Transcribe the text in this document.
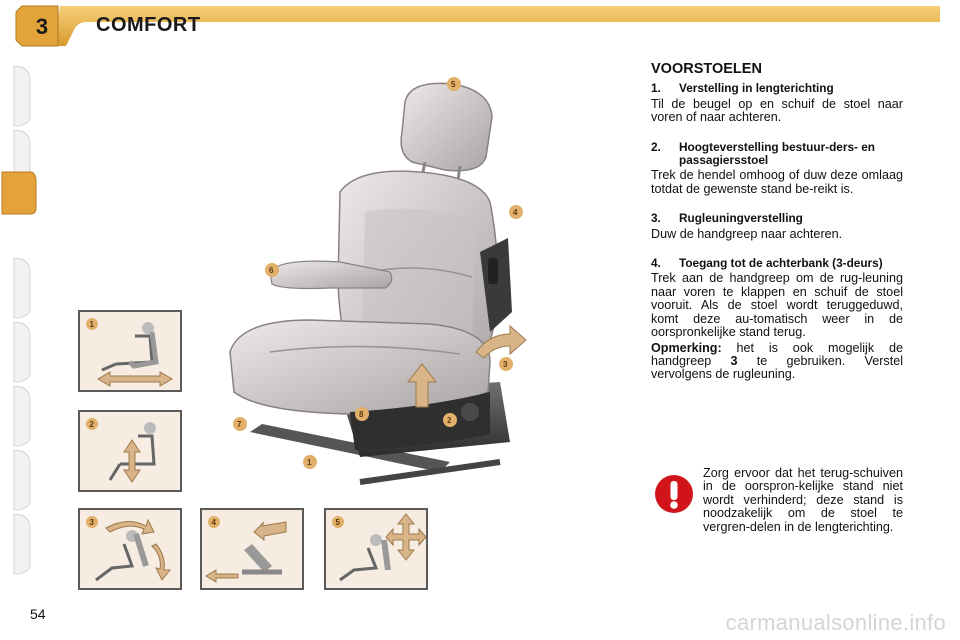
3 COMFORT
5
4
6
3
8
2
7
1
1
2
3	4	5
VOORSTOELEN
1.	Verstelling in lengterichting

Til de beugel op en schuif de stoel naar voren of naar achteren.

2.	Hoogteverstelling bestuur-ders- en passagiersstoel

Trek de hendel omhoog of duw deze omlaag totdat de gewenste stand be-reikt is.

3.	Rugleuningverstelling

Duw de handgreep naar achteren.

4.	Toegang tot de achterbank (3-deurs)

Trek aan de handgreep om de rug-leuning naar voren te klappen en schuif de stoel vooruit. Als de stoel wordt teruggeduwd, komt deze au-tomatisch weer in de oorspronkelijke stand terug.

Opmerking: het is ook mogelijk de handgreep 3 te gebruiken. Verstel vervolgens de rugleuning.

Zorg ervoor dat het terug-schuiven in de oorspron-kelijke stand niet wordt verhinderd; deze stand is noodzakelijk om de stoel te vergren-delen in de lengterichting.
54	carmanualsonline.info
